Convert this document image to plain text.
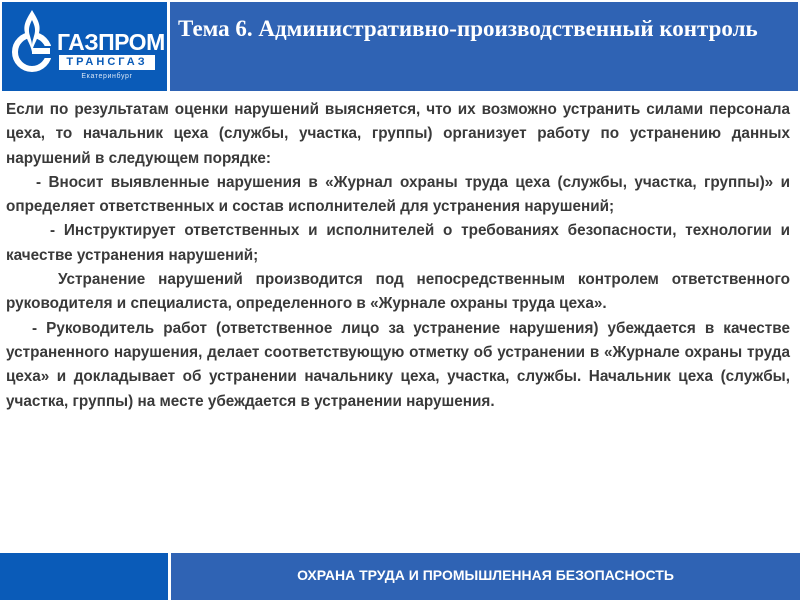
ГАЗПРОМ
ТРАНСГАЗ
Екатеринбург
Тема 6. Административно-производственный контроль

Если по результатам оценки нарушений выясняется, что их возможно устранить силами персонала цеха, то начальник цеха (службы, участка, группы) организует работу по устранению данных нарушений в следующем порядке:

- Вносит выявленные нарушения в «Журнал охраны труда цеха (службы, участка, группы)» и определяет ответственных и состав исполнителей для устранения нарушений;

- Инструктирует ответственных и исполнителей о требованиях безопасности, технологии и качестве устранения нарушений;

Устранение нарушений производится под непосредственным контролем ответственного руководителя и специалиста, определенного в «Журнале охраны труда цеха».

- Руководитель работ (ответственное лицо за устранение нарушения) убеждается в качестве устраненного нарушения, делает соответствующую отметку об устранении в «Журнале охраны труда цеха» и докладывает об устранении начальнику цеха, участка, службы. Начальник цеха (службы, участка, группы) на месте убеждается в устранении нарушения.

ОХРАНА ТРУДА И ПРОМЫШЛЕННАЯ БЕЗОПАСНОСТЬ
